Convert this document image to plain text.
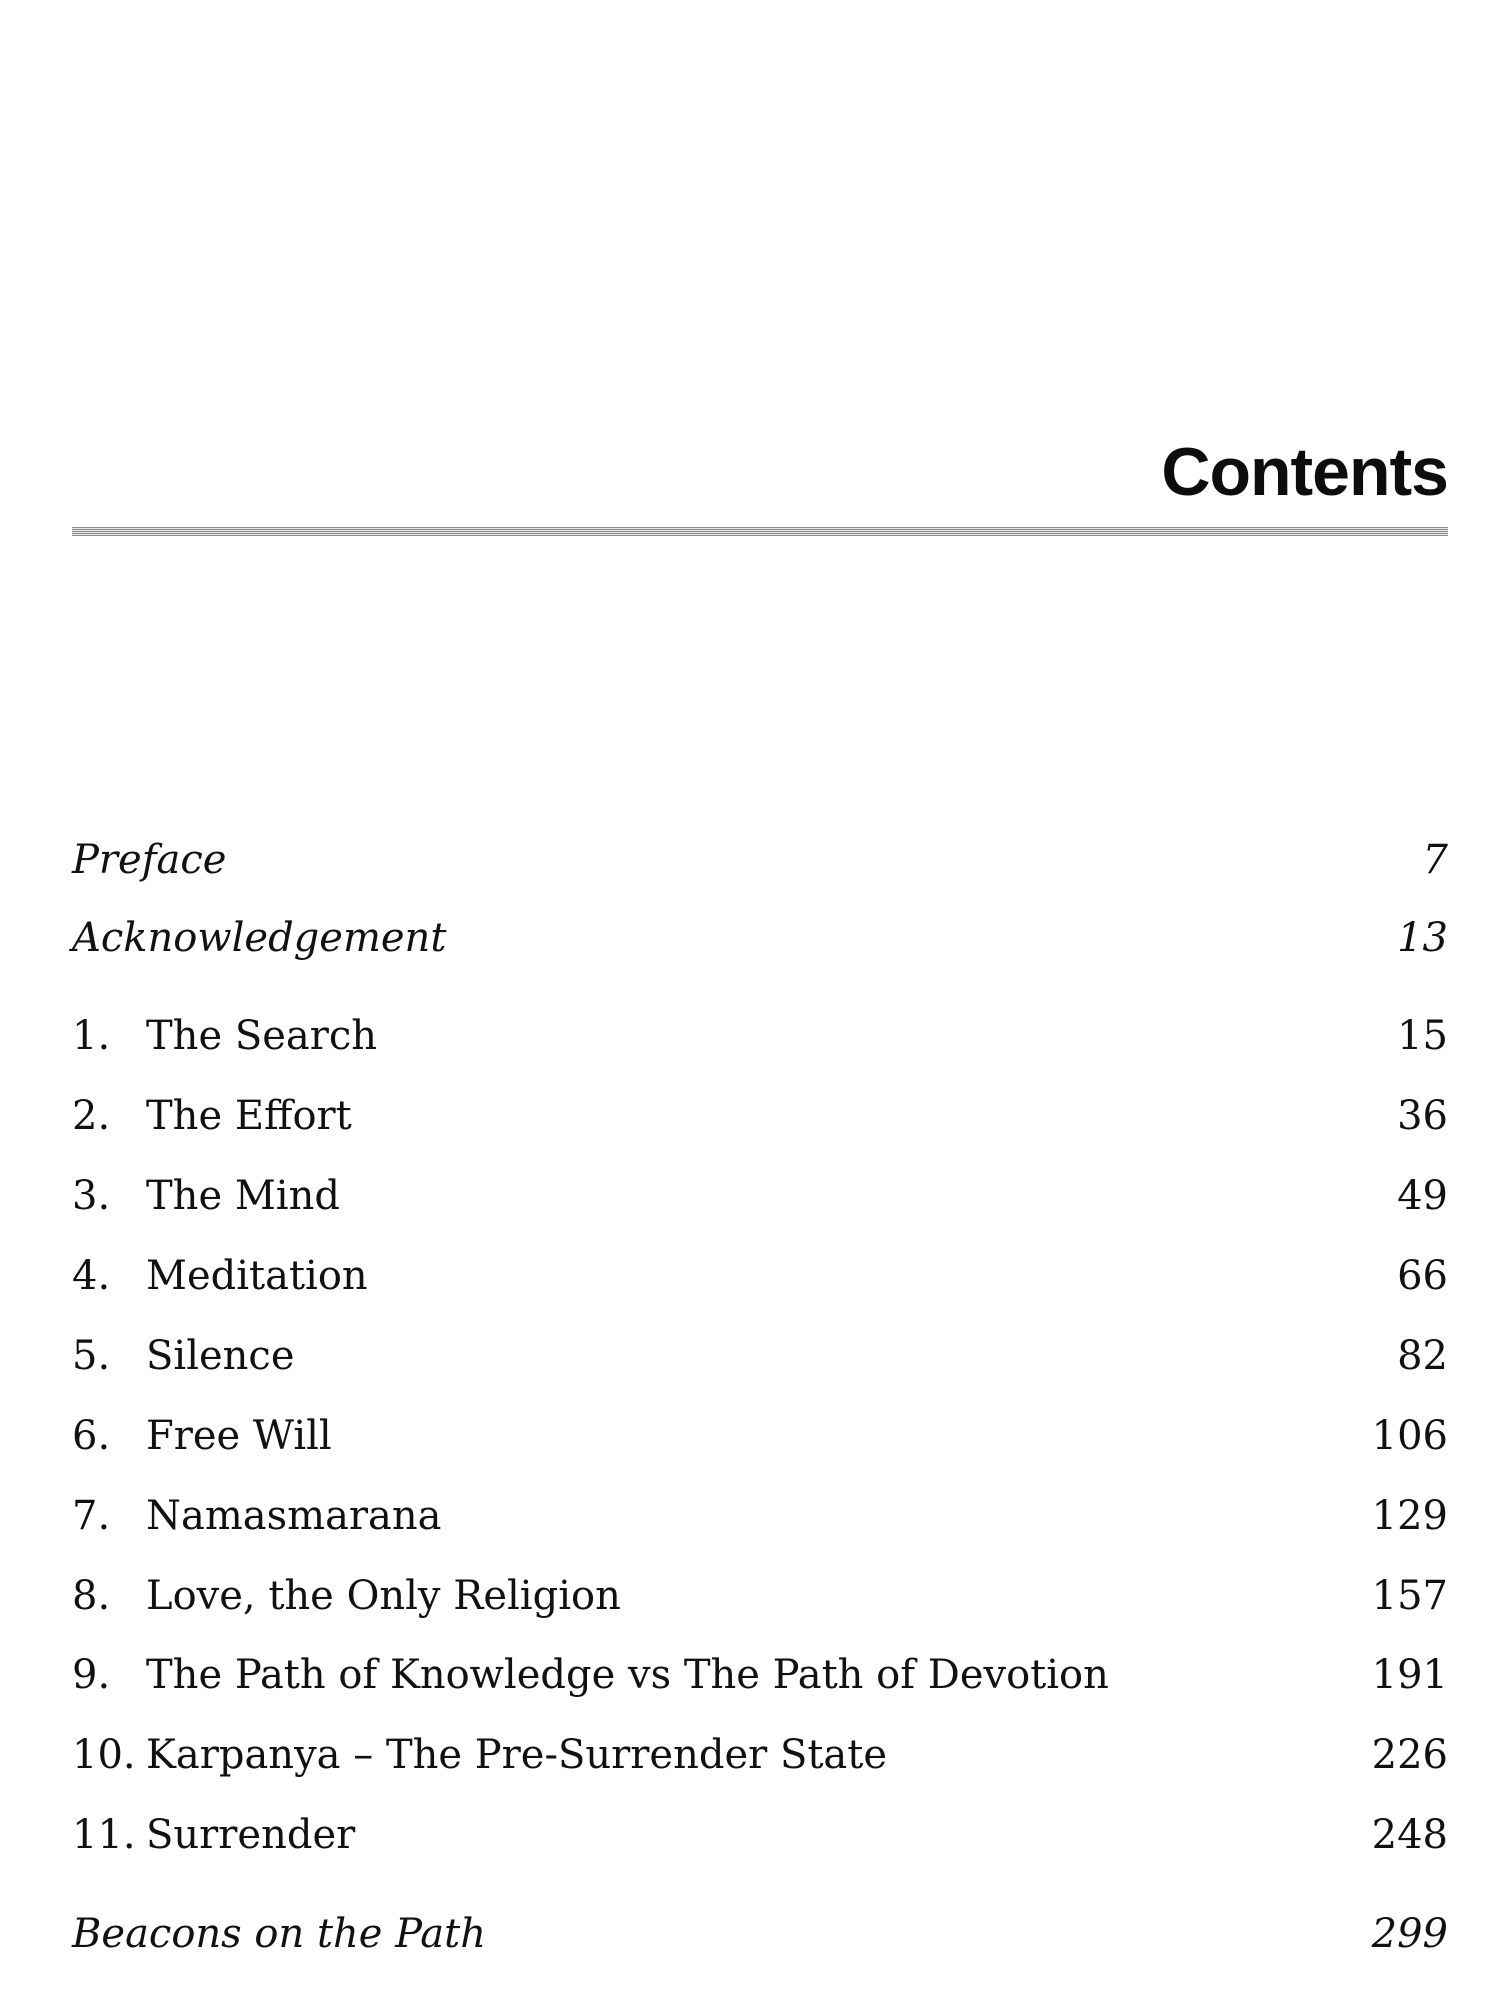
Contents
Preface	7
Acknowledgement	13
1. The Search	15
2. The Effort	36
3. The Mind	49
4. Meditation	66
5. Silence	82
6. Free Will	106
7. Namasmarana	129
8. Love, the Only Religion	157
9. The Path of Knowledge vs The Path of Devotion	191
10. Karpanya – The Pre-Surrender State	226
11. Surrender	248
Beacons on the Path	299
